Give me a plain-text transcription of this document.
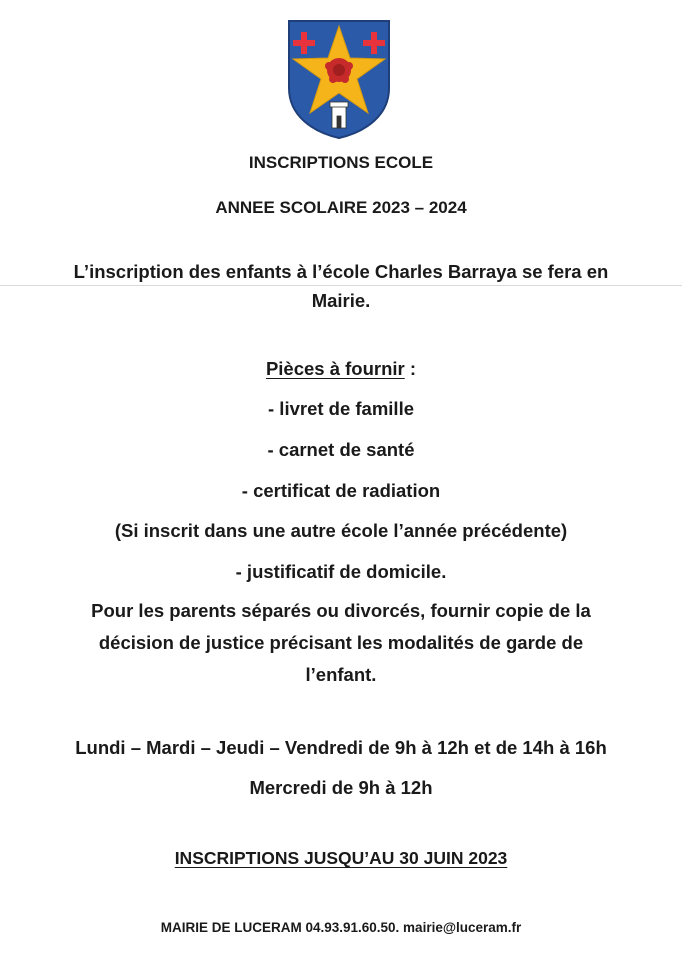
INSCRIPTIONS ECOLE
ANNEE SCOLAIRE 2023 – 2024
L’inscription des enfants à l’école Charles Barraya se fera en
Mairie.
Pièces à fournir :
- livret de famille
- carnet de santé
- certificat de radiation
(Si inscrit dans une autre école l’année précédente)
- justificatif de domicile.
Pour les parents séparés ou divorcés, fournir copie de la
décision de justice précisant les modalités de garde de
l’enfant.
Lundi – Mardi – Jeudi – Vendredi de 9h à 12h et de 14h à 16h
Mercredi de 9h à 12h
INSCRIPTIONS JUSQU’AU 30 JUIN 2023
MAIRIE DE LUCERAM 04.93.91.60.50. mairie@luceram.fr
